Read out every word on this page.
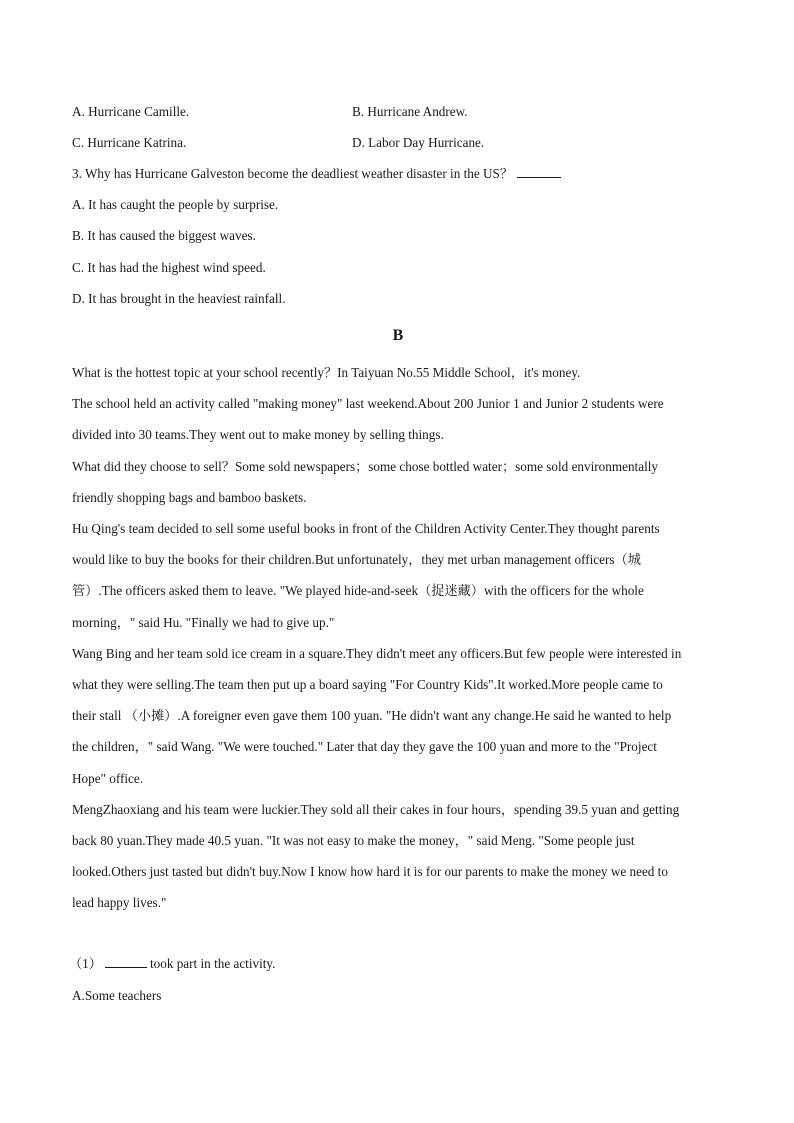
A. Hurricane Camille.	B. Hurricane Andrew.
C. Hurricane Katrina.	D. Labor Day Hurricane.
3. Why has Hurricane Galveston become the deadliest weather disaster in the US？
A. It has caught the people by surprise.
B. It has caused the biggest waves.
C. It has had the highest wind speed.
D. It has brought in the heaviest rainfall.
B
What is the hottest topic at your school recently？In Taiyuan No.55 Middle School，it's money.
The school held an activity called "making money" last weekend.About 200 Junior 1 and Junior 2 students were
divided into 30 teams.They went out to make money by selling things.
What did they choose to sell？Some sold newspapers；some chose bottled water；some sold environmentally
friendly shopping bags and bamboo baskets.
Hu Qing's team decided to sell some useful books in front of the Children Activity Center.They thought parents
would like to buy the books for their children.But unfortunately，they met urban management officers（城
管）.The officers asked them to leave. "We played hide-and-seek（捉迷藏）with the officers for the whole
morning，" said Hu. "Finally we had to give up."
Wang Bing and her team sold ice cream in a square.They didn't meet any officers.But few people were interested in
what they were selling.The team then put up a board saying "For Country Kids".It worked.More people came to
their stall （小摊）.A foreigner even gave them 100 yuan. "He didn't want any change.He said he wanted to help
the children，" said Wang. "We were touched." Later that day they gave the 100 yuan and more to the "Project
Hope" office.
MengZhaoxiang and his team were luckier.They sold all their cakes in four hours，spending 39.5 yuan and getting
back 80 yuan.They made 40.5 yuan. "It was not easy to make the money，" said Meng. "Some people just
looked.Others just tasted but didn't buy.Now I know how hard it is for our parents to make the money we need to
lead happy lives."
（1）	took part in the activity.
A.Some teachers
